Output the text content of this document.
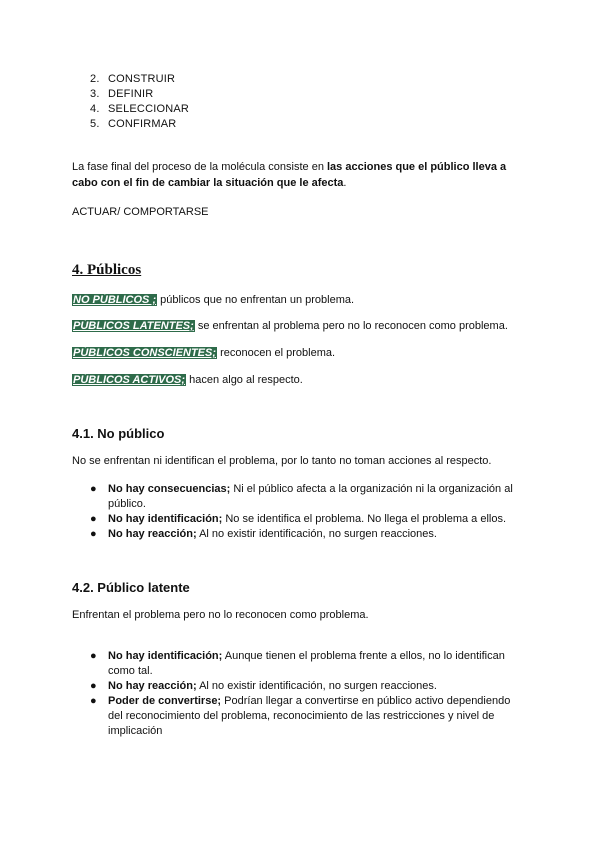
2. CONSTRUIR
3. DEFINIR
4. SELECCIONAR
5. CONFIRMAR
La fase final del proceso de la molécula consiste en las acciones que el público lleva a cabo con el fin de cambiar la situación que le afecta.
ACTUAR/ COMPORTARSE
4. Públicos
NO PÚBLICOS ; públicos que no enfrentan un problema.
PÚBLICOS LATENTES; se enfrentan al problema pero no lo reconocen como problema.
PÚBLICOS CONSCIENTES; reconocen el problema.
PÚBLICOS ACTIVOS; hacen algo al respecto.
4.1. No público
No se enfrentan ni identifican el problema, por lo tanto no toman acciones al respecto.
●	No hay consecuencias; Ni el público afecta a la organización ni la organización al público.
●	No hay identificación; No se identifica el problema. No llega el problema a ellos.
●	No hay reacción; Al no existir identificación, no surgen reacciones.
4.2. Público latente
Enfrentan el problema pero no lo reconocen como problema.
●	No hay identificación; Aunque tienen el problema frente a ellos, no lo identifican como tal.
●	No hay reacción; Al no existir identificación, no surgen reacciones.
●	Poder de convertirse; Podrían llegar a convertirse en público activo dependiendo del reconocimiento del problema, reconocimiento de las restricciones y nivel de implicación
